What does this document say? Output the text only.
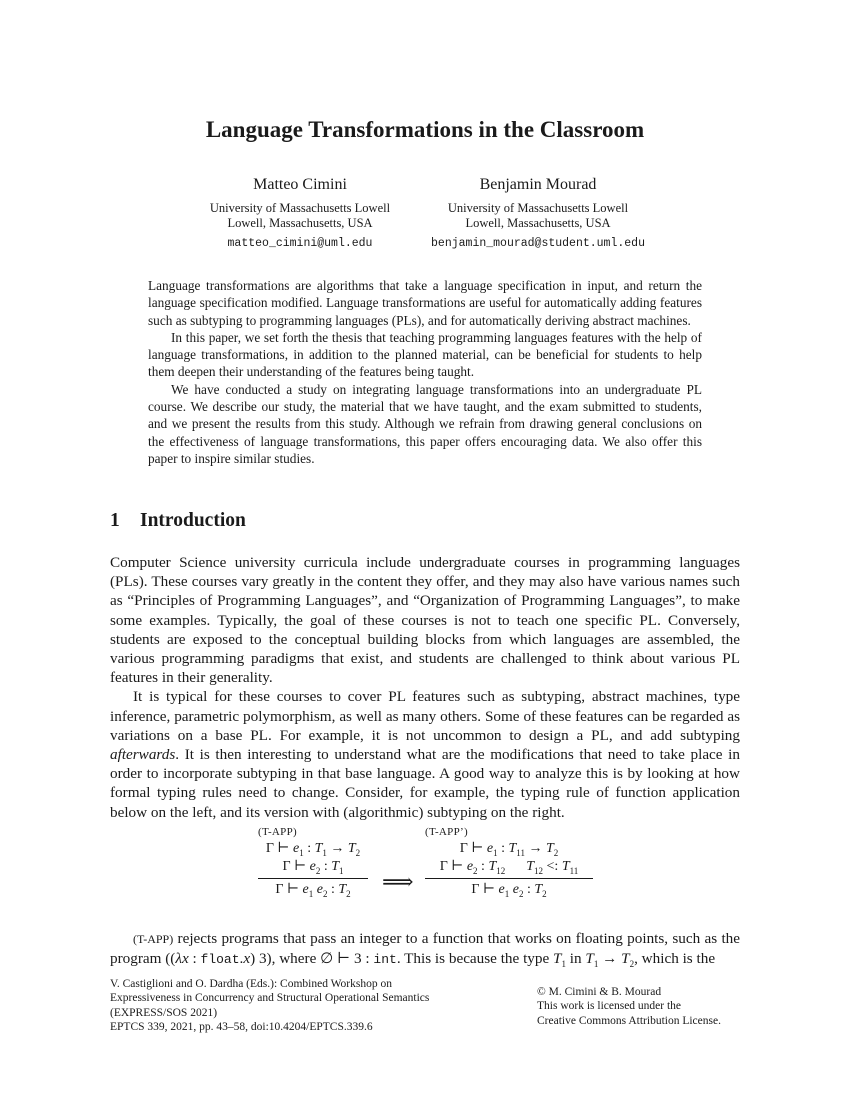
Language Transformations in the Classroom
Matteo Cimini
University of Massachusetts Lowell
Lowell, Massachusetts, USA
matteo_cimini@uml.edu
Benjamin Mourad
University of Massachusetts Lowell
Lowell, Massachusetts, USA
benjamin_mourad@student.uml.edu

Language transformations are algorithms that take a language specification in input, and return the language specification modified. Language transformations are useful for automatically adding features such as subtyping to programming languages (PLs), and for automatically deriving abstract machines.

In this paper, we set forth the thesis that teaching programming languages features with the help of language transformations, in addition to the planned material, can be beneficial for students to help them deepen their understanding of the features being taught.

We have conducted a study on integrating language transformations into an undergraduate PL course. We describe our study, the material that we have taught, and the exam submitted to students, and we present the results from this study. Although we refrain from drawing general conclusions on the effectiveness of language transformations, this paper offers encouraging data. We also offer this paper to inspire similar studies.

1 Introduction

Computer Science university curricula include undergraduate courses in programming languages (PLs). These courses vary greatly in the content they offer, and they may also have various names such as “Principles of Programming Languages”, and “Organization of Programming Languages”, to make some examples. Typically, the goal of these courses is not to teach one specific PL. Conversely, students are exposed to the conceptual building blocks from which languages are assembled, the various programming paradigms that exist, and students are challenged to think about various PL features in their generality.

It is typical for these courses to cover PL features such as subtyping, abstract machines, type inference, parametric polymorphism, as well as many others. Some of these features can be regarded as variations on a base PL. For example, it is not uncommon to design a PL, and add subtyping afterwards. It is then interesting to understand what are the modifications that need to take place in order to incorporate subtyping in that base language. A good way to analyze this is by looking at how formal typing rules need to change. Consider, for example, the typing rule of function application below on the left, and its version with (algorithmic) subtyping on the right.

(T-APP)
Γ ⊢ $e_1$ : $T_1 \to T_2$
Γ ⊢ $e_2$ : $T_1$
Γ ⊢ $e_1$ $e_2$ : $T_2$	⟹
(T-APP’)
Γ ⊢ $e_1$ : $T_{11} \to T_2$
Γ ⊢ $e_2$ : $T_{12}$ $T_{12}$ <: $T_{11}$
Γ ⊢ $e_1$ $e_2$ : $T_2$

(T-APP) rejects programs that pass an integer to a function that works on floating points, such as the program ((λx : float.x) 3), where ∅ ⊢ 3 : int. This is because the type $T_1$ in $T_1 \to T_2$, which is the

V. Castiglioni and O. Dardha (Eds.): Combined Workshop on
Expressiveness in Concurrency and Structural Operational Semantics
(EXPRESS/SOS 2021)
EPTCS 339, 2021, pp. 43–58, doi:10.4204/EPTCS.339.6
© M. Cimini & B. Mourad
This work is licensed under the
Creative Commons Attribution License.
